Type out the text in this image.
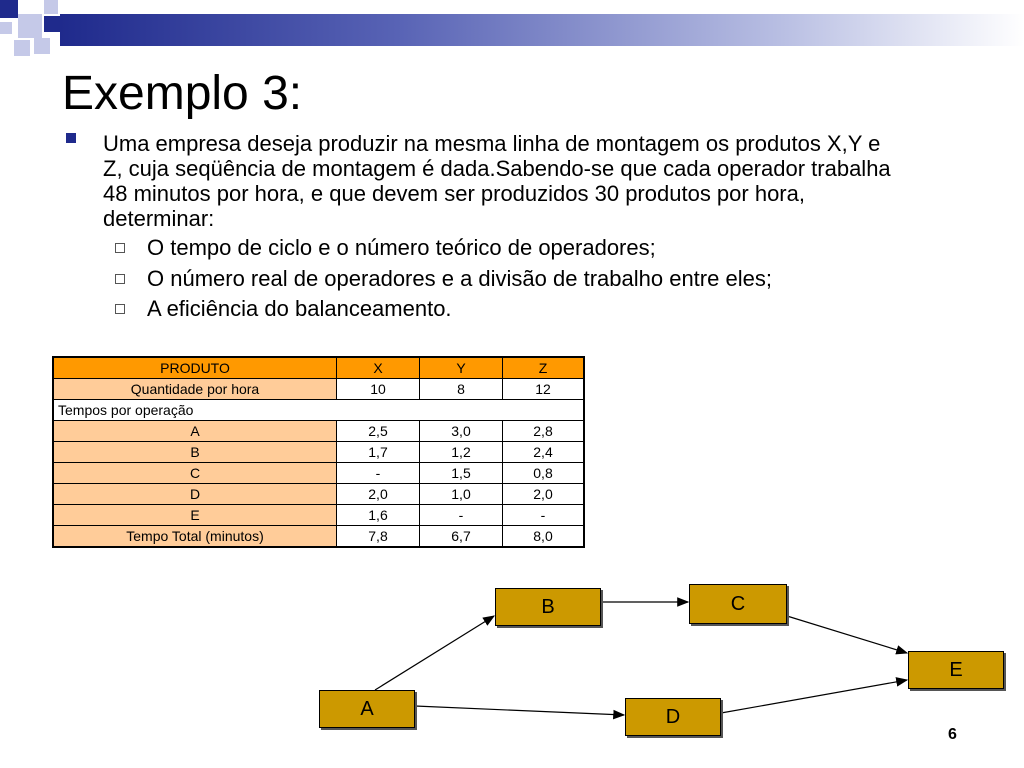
Exemplo 3:

Uma empresa deseja produzir na mesma linha de montagem os produtos X,Y e Z, cuja seqüência de montagem é dada.Sabendo-se que cada operador trabalha 48 minutos por hora, e que devem ser produzidos 30 produtos por hora, determinar:

O tempo de ciclo e o número teórico de operadores;
O número real de operadores e a divisão de trabalho entre eles;
A eficiência do balanceamento.
PRODUTO	X	Y	Z
Quantidade por hora	10	8	12
Tempos por operação			
A	2,5	3,0	2,8
B	1,7	1,2	2,4
C	-	1,5	0,8
D	2,0	1,0	2,0
E	1,6	-	-
Tempo Total (minutos)	7,8	6,7	8,0
B	C
E
A	D
6
